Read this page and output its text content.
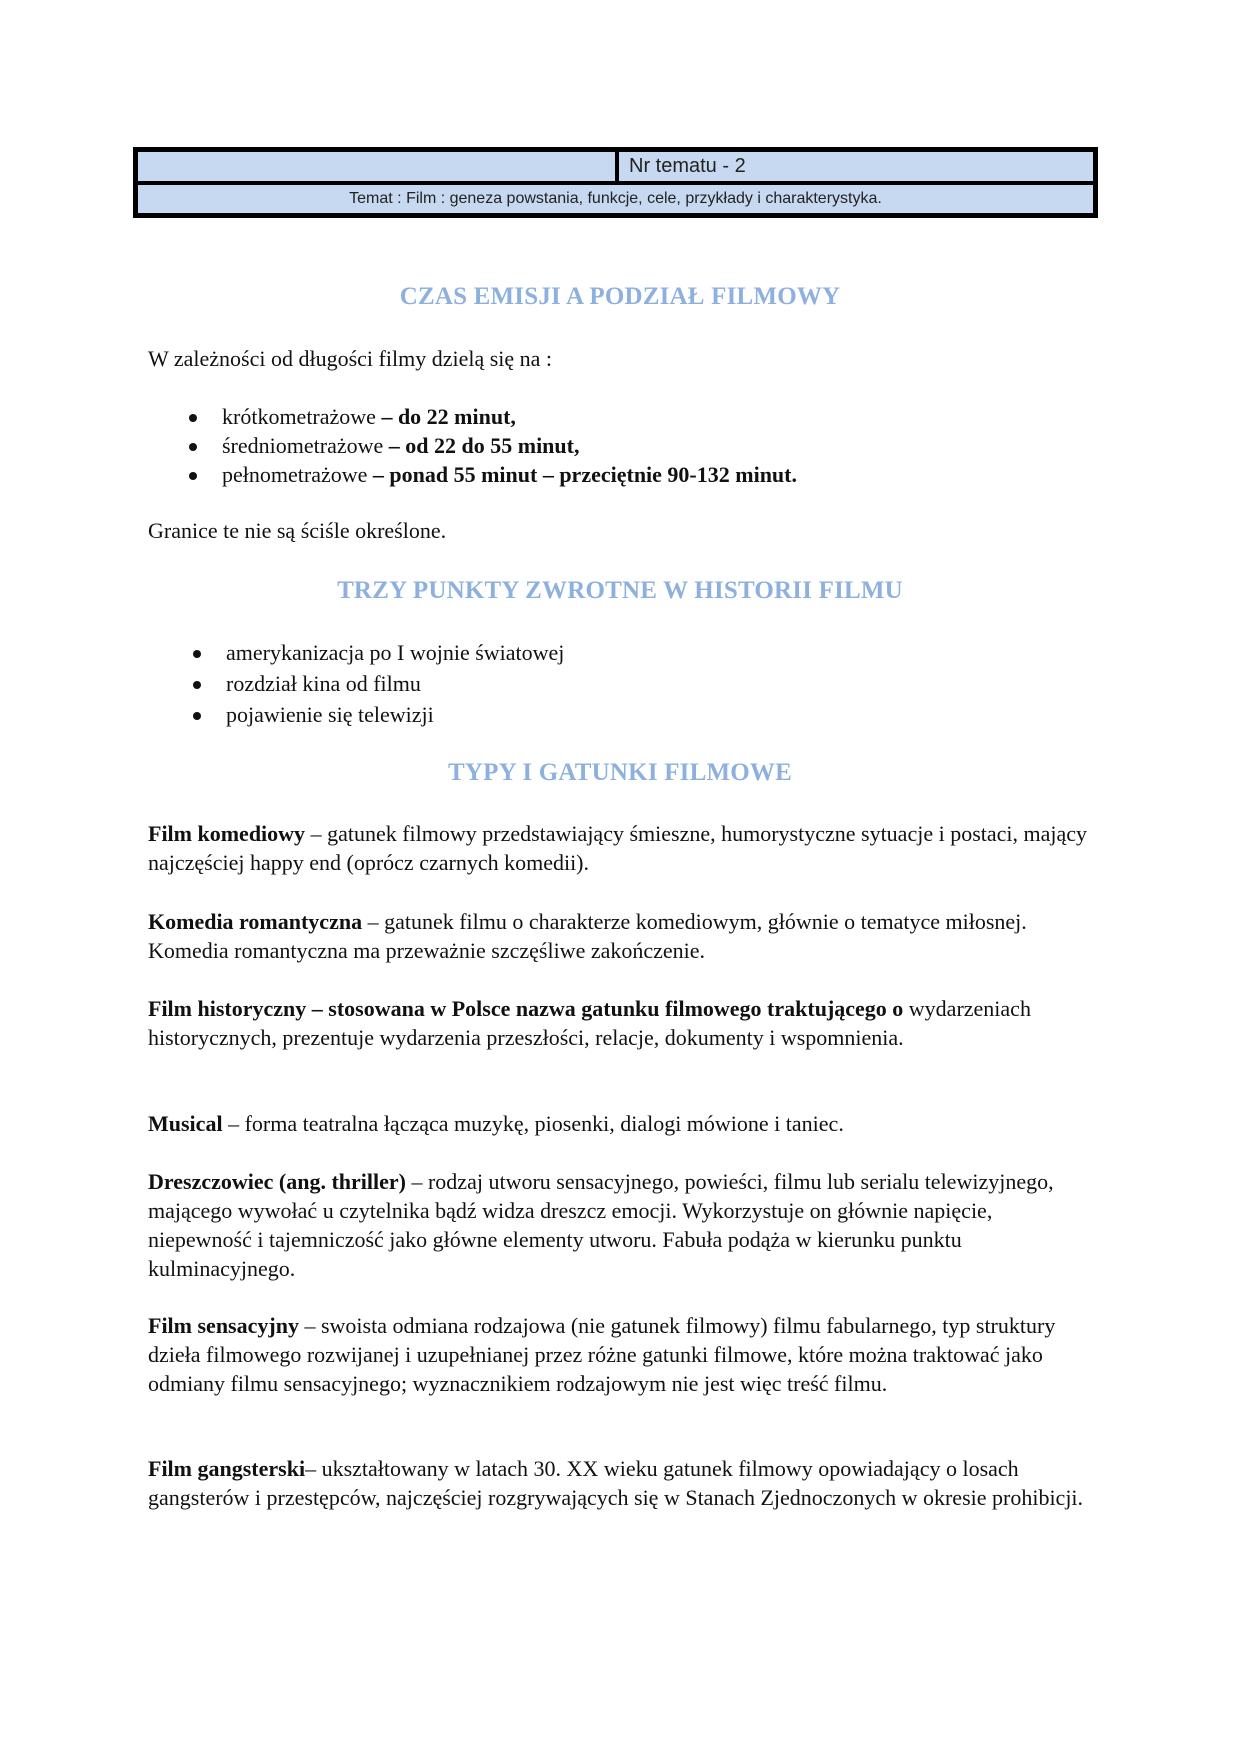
Nr tematu - 2
Temat : Film : geneza powstania, funkcje, cele, przykłady i charakterystyka.
CZAS EMISJI A PODZIAŁ FILMOWY
W zależności od długości filmy dzielą się na :
krótkometrażowe – do 22 minut,
średniometrażowe – od 22 do 55 minut,
pełnometrażowe – ponad 55 minut – przeciętnie 90-132 minut.
Granice te nie są ściśle określone.
TRZY PUNKTY ZWROTNE W HISTORII FILMU
amerykanizacja po I wojnie światowej
rozdział kina od filmu
pojawienie się telewizji
TYPY I GATUNKI FILMOWE
Film komediowy – gatunek filmowy przedstawiający śmieszne, humorystyczne sytuacje i postaci, mający najczęściej happy end (oprócz czarnych komedii).
Komedia romantyczna – gatunek filmu o charakterze komediowym, głównie o tematyce miłosnej. Komedia romantyczna ma przeważnie szczęśliwe zakończenie.
Film historyczny – stosowana w Polsce nazwa gatunku filmowego traktującego o wydarzeniach historycznych, prezentuje wydarzenia przeszłości, relacje, dokumenty i wspomnienia.
Musical – forma teatralna łącząca muzykę, piosenki, dialogi mówione i taniec.
Dreszczowiec (ang. thriller) – rodzaj utworu sensacyjnego, powieści, filmu lub serialu telewizyjnego, mającego wywołać u czytelnika bądź widza dreszcz emocji. Wykorzystuje on głównie napięcie, niepewność i tajemniczość jako główne elementy utworu. Fabuła podąża w kierunku punktu kulminacyjnego.
Film sensacyjny – swoista odmiana rodzajowa (nie gatunek filmowy) filmu fabularnego, typ struktury dzieła filmowego rozwijanej i uzupełnianej przez różne gatunki filmowe, które można traktować jako odmiany filmu sensacyjnego; wyznacznikiem rodzajowym nie jest więc treść filmu.
Film gangsterski– ukształtowany w latach 30. XX wieku gatunek filmowy opowiadający o losach gangsterów i przestępców, najczęściej rozgrywających się w Stanach Zjednoczonych w okresie prohibicji.
